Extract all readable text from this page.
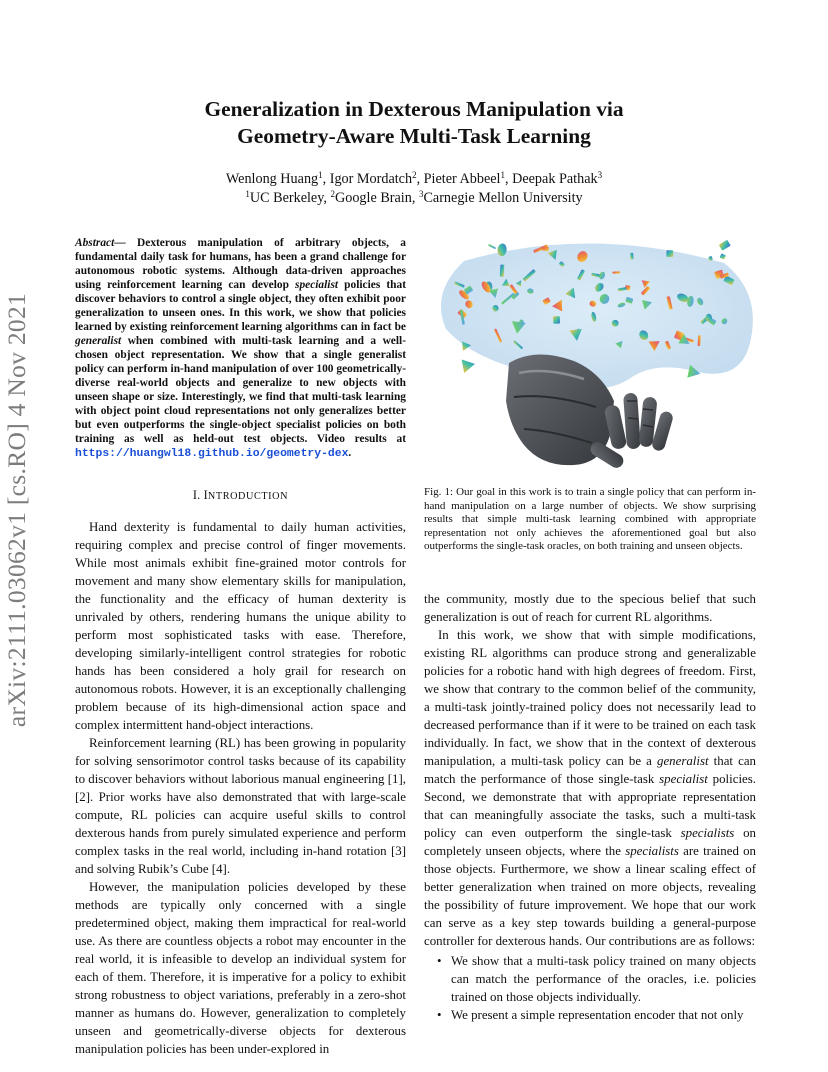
arXiv:2111.03062v1 [cs.RO] 4 Nov 2021
Generalization in Dexterous Manipulation via
Geometry-Aware Multi-Task Learning
Wenlong Huang$^1$, Igor Mordatch$^2$, Pieter Abbeel$^1$, Deepak Pathak$^3$
$^1$UC Berkeley, $^2$Google Brain, $^3$Carnegie Mellon University

Abstract— Dexterous manipulation of arbitrary objects, a fundamental daily task for humans, has been a grand challenge for autonomous robotic systems. Although data-driven approaches using reinforcement learning can develop specialist policies that discover behaviors to control a single object, they often exhibit poor generalization to unseen ones. In this work, we show that policies learned by existing reinforcement learning algorithms can in fact be generalist when combined with multi-task learning and a well-chosen object representation. We show that a single generalist policy can perform in-hand manipulation of over 100 geometrically-diverse real-world objects and generalize to new objects with unseen shape or size. Interestingly, we find that multi-task learning with object point cloud representations not only generalizes better but even outperforms the single-object specialist policies on both training as well as held-out test objects. Video results at https://huangwl18.github.io/geometry-dex.

I. INTRODUCTION

Hand dexterity is fundamental to daily human activities, requiring complex and precise control of finger movements. While most animals exhibit fine-grained motor controls for movement and many show elementary skills for manipulation, the functionality and the efficacy of human dexterity is unrivaled by others, rendering humans the unique ability to perform most sophisticated tasks with ease. Therefore, developing similarly-intelligent control strategies for robotic hands has been considered a holy grail for research on autonomous robots. However, it is an exceptionally challenging problem because of its high-dimensional action space and complex intermittent hand-object interactions.

Reinforcement learning (RL) has been growing in popularity for solving sensorimotor control tasks because of its capability to discover behaviors without laborious manual engineering [1], [2]. Prior works have also demonstrated that with large-scale compute, RL policies can acquire useful skills to control dexterous hands from purely simulated experience and perform complex tasks in the real world, including in-hand rotation [3] and solving Rubik’s Cube [4].

However, the manipulation policies developed by these methods are typically only concerned with a single predetermined object, making them impractical for real-world use. As there are countless objects a robot may encounter in the real world, it is infeasible to develop an individual system for each of them. Therefore, it is imperative for a policy to exhibit strong robustness to object variations, preferably in a zero-shot manner as humans do. However, generalization to completely unseen and geometrically-diverse objects for dexterous manipulation policies has been under-explored in

Fig. 1: Our goal in this work is to train a single policy that can perform in-hand manipulation on a large number of objects. We show surprising results that simple multi-task learning combined with appropriate representation not only achieves the aforementioned goal but also outperforms the single-task oracles, on both training and unseen objects.

the community, mostly due to the specious belief that such generalization is out of reach for current RL algorithms.

In this work, we show that with simple modifications, existing RL algorithms can produce strong and generalizable policies for a robotic hand with high degrees of freedom. First, we show that contrary to the common belief of the community, a multi-task jointly-trained policy does not necessarily lead to decreased performance than if it were to be trained on each task individually. In fact, we show that in the context of dexterous manipulation, a multi-task policy can be a generalist that can match the performance of those single-task specialist policies. Second, we demonstrate that with appropriate representation that can meaningfully associate the tasks, such a multi-task policy can even outperform the single-task specialists on completely unseen objects, where the specialists are trained on those objects. Furthermore, we show a linear scaling effect of better generalization when trained on more objects, revealing the possibility of future improvement. We hope that our work can serve as a key step towards building a general-purpose controller for dexterous hands. Our contributions are as follows:

• We show that a multi-task policy trained on many objects can match the performance of the oracles, i.e. policies trained on those objects individually.
• We present a simple representation encoder that not only
